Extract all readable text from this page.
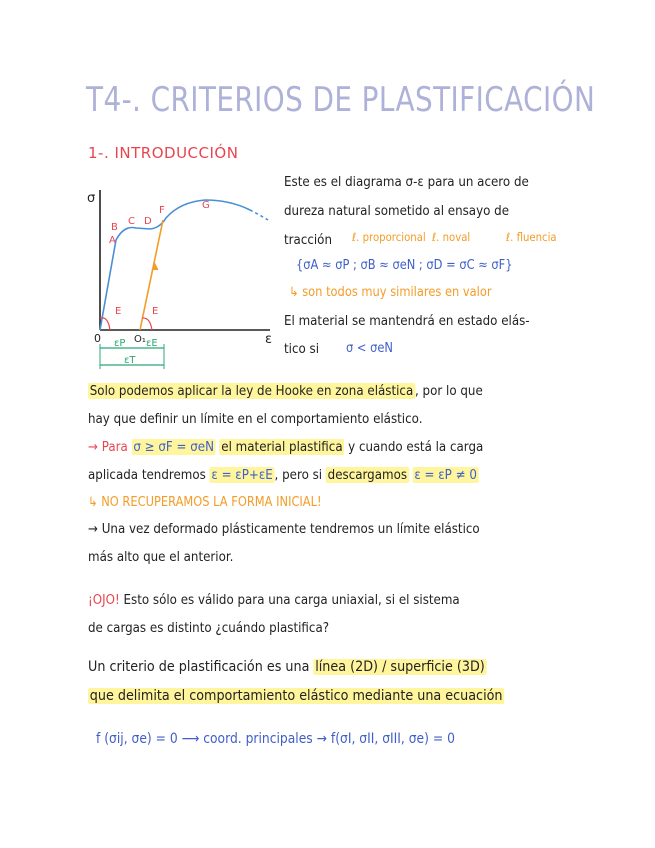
T4-. CRITERIOS DE PLASTIFICACIÓN
1-. INTRODUCCIÓN
σ
ε
0
A
B
C D
F	G
E	E
O₁
εP εE
εT
Este es el diagrama σ-ε para un acero de
dureza natural sometido al ensayo de
tracción ℓ. proporcional ℓ. noval	ℓ. fluencia
{σA ≈ σP ; σB ≈ σeN ; σD = σC ≈ σF}
↳ son todos muy similares en valor
El material se mantendrá en estado elás-
tico si σ < σeN
Solo podemos aplicar la ley de Hooke en zona elástica , por lo que
hay que definir un límite en el comportamiento elástico.
→ Para σ ≥ σF = σeN el material plastifica y cuando está la carga
aplicada tendremos ε = εP+εE , pero si descargamos ε = εP ≠ 0
↳ NO RECUPERAMOS LA FORMA INICIAL!
→ Una vez deformado plásticamente tendremos un límite elástico
más alto que el anterior.
¡OJO! Esto sólo es válido para una carga uniaxial, si el sistema
de cargas es distinto ¿cuándo plastifica?
Un criterio de plastificación es una línea (2D) / superficie (3D)
que delimita el comportamiento elástico mediante una ecuación
f (σij, σe) = 0 ⟶ coord. principales → f(σI, σII, σIII, σe) = 0
